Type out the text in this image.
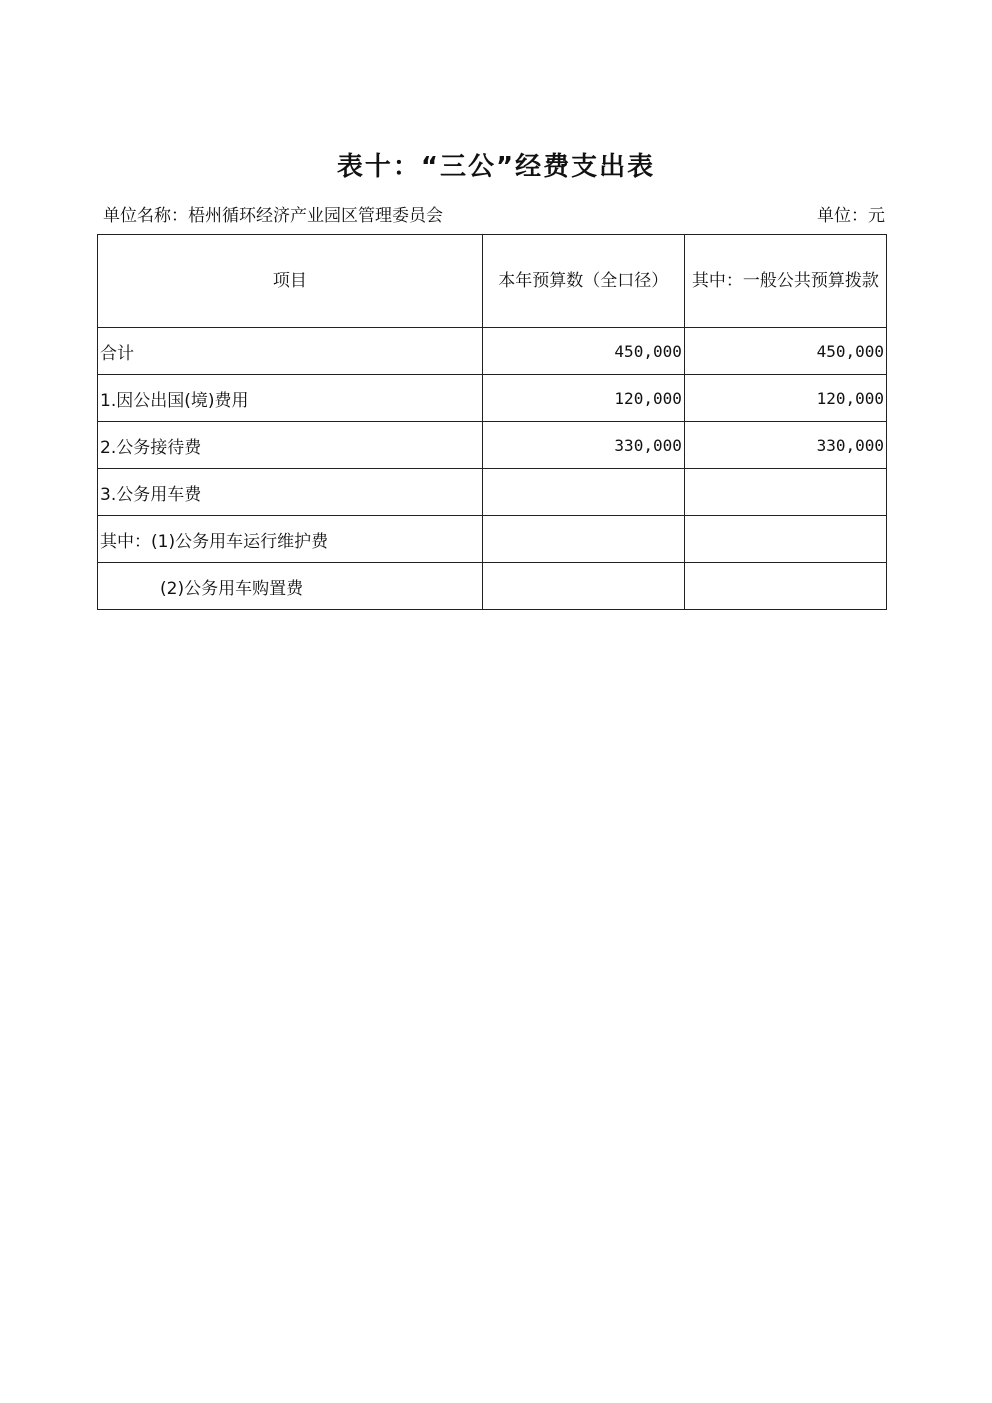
表十：“三公”经费支出表
单位名称：梧州循环经济产业园区管理委员会	单位：元
项目	本年预算数（全口径）	其中：一般公共预算拨款
合计	450,000	450,000
1.因公出国(境)费用	120,000	120,000
2.公务接待费	330,000	330,000
3.公务用车费		
其中：(1)公务用车运行维护费		
(2)公务用车购置费		
